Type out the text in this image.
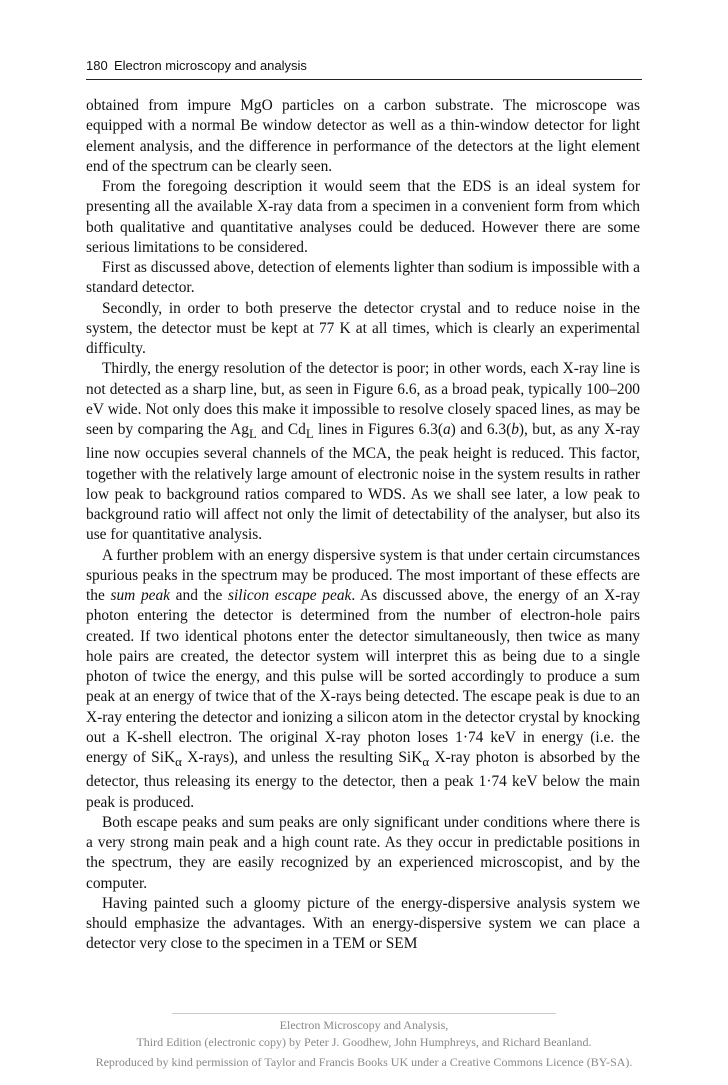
180 Electron microscopy and analysis

obtained from impure MgO particles on a carbon substrate. The microscope was equipped with a normal Be window detector as well as a thin-window detector for light element analysis, and the difference in performance of the detectors at the light element end of the spectrum can be clearly seen.

From the foregoing description it would seem that the EDS is an ideal system for presenting all the available X-ray data from a specimen in a convenient form from which both qualitative and quantitative analyses could be deduced. However there are some serious limitations to be considered.

First as discussed above, detection of elements lighter than sodium is impossible with a standard detector.

Secondly, in order to both preserve the detector crystal and to reduce noise in the system, the detector must be kept at 77 K at all times, which is clearly an experimental difficulty.

Thirdly, the energy resolution of the detector is poor; in other words, each X-ray line is not detected as a sharp line, but, as seen in Figure 6.6, as a broad peak, typically 100–200 eV wide. Not only does this make it impossible to resolve closely spaced lines, as may be seen by comparing the $Ag_L$ and $Cd_L$ lines in Figures 6.3(a) and 6.3(b), but, as any X-ray line now occupies several channels of the MCA, the peak height is reduced. This factor, together with the relatively large amount of electronic noise in the system results in rather low peak to background ratios compared to WDS. As we shall see later, a low peak to background ratio will affect not only the limit of detectability of the analyser, but also its use for quantitative analysis.

A further problem with an energy dispersive system is that under certain circumstances spurious peaks in the spectrum may be produced. The most important of these effects are the sum peak and the silicon escape peak. As discussed above, the energy of an X-ray photon entering the detector is determined from the number of electron-hole pairs created. If two identical photons enter the detector simultaneously, then twice as many hole pairs are created, the detector system will interpret this as being due to a single photon of twice the energy, and this pulse will be sorted accordingly to produce a sum peak at an energy of twice that of the X-rays being detected. The escape peak is due to an X-ray entering the detector and ionizing a silicon atom in the detector crystal by knocking out a K-shell electron. The original X-ray photon loses 1·74 keV in energy (i.e. the energy of SiK$_\alpha$ X-rays), and unless the resulting SiK$_\alpha$ X-ray photon is absorbed by the detector, thus releasing its energy to the detector, then a peak 1·74 keV below the main peak is produced.

Both escape peaks and sum peaks are only significant under conditions where there is a very strong main peak and a high count rate. As they occur in predictable positions in the spectrum, they are easily recognized by an experienced microscopist, and by the computer.

Having painted such a gloomy picture of the energy-dispersive analysis system we should emphasize the advantages. With an energy-dispersive system we can place a detector very close to the specimen in a TEM or SEM

Electron Microscopy and Analysis,
Third Edition (electronic copy) by Peter J. Goodhew, John Humphreys, and Richard Beanland.
Reproduced by kind permission of Taylor and Francis Books UK under a Creative Commons Licence (BY-SA).
